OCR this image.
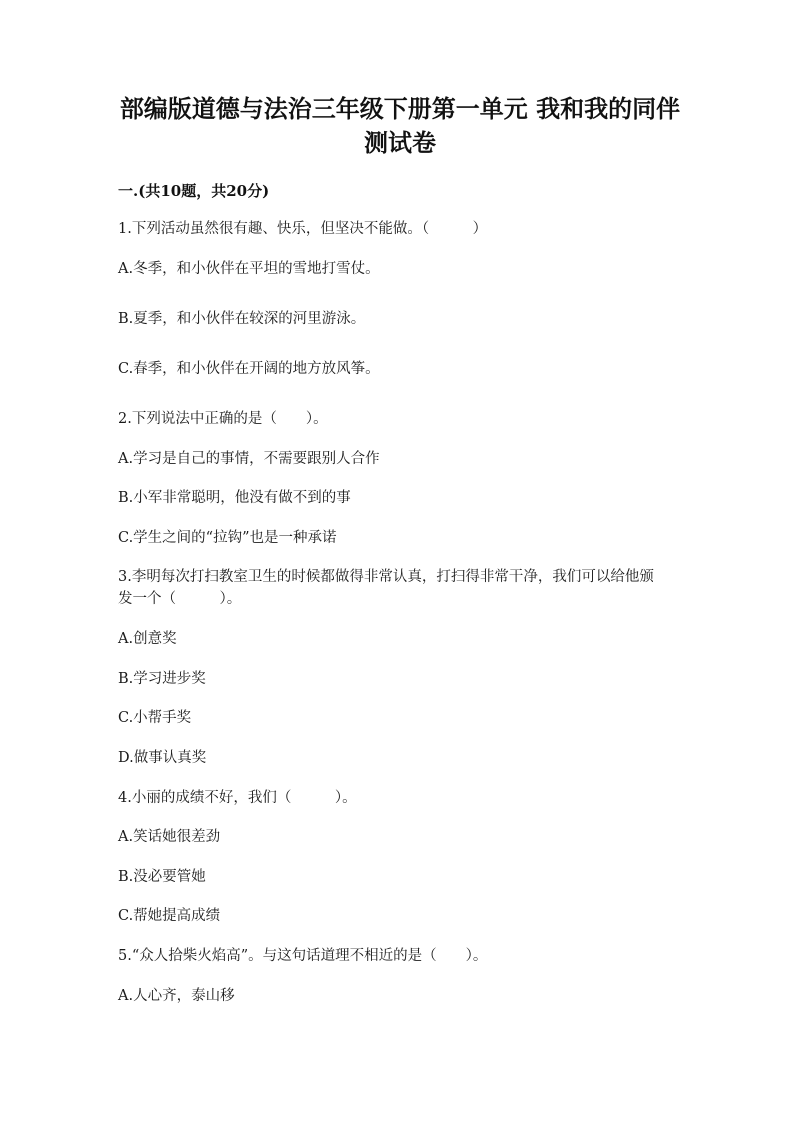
部编版道德与法治三年级下册第一单元 我和我的同伴 测试卷
一.(共10题，共20分)
1.下列活动虽然很有趣、快乐，但坚决不能做。（　　　）
A.冬季，和小伙伴在平坦的雪地打雪仗。
B.夏季，和小伙伴在较深的河里游泳。
C.春季，和小伙伴在开阔的地方放风筝。
2.下列说法中正确的是（　　）。
A.学习是自己的事情，不需要跟别人合作
B.小军非常聪明，他没有做不到的事
C.学生之间的“拉钩”也是一种承诺
3.李明每次打扫教室卫生的时候都做得非常认真，打扫得非常干净，我们可以给他颁发一个（　　　）。
A.创意奖
B.学习进步奖
C.小帮手奖
D.做事认真奖
4.小丽的成绩不好，我们（　　　）。
A.笑话她很差劲
B.没必要管她
C.帮她提高成绩
5.“众人拾柴火焰高”。与这句话道理不相近的是（　　）。
A.人心齐，泰山移
